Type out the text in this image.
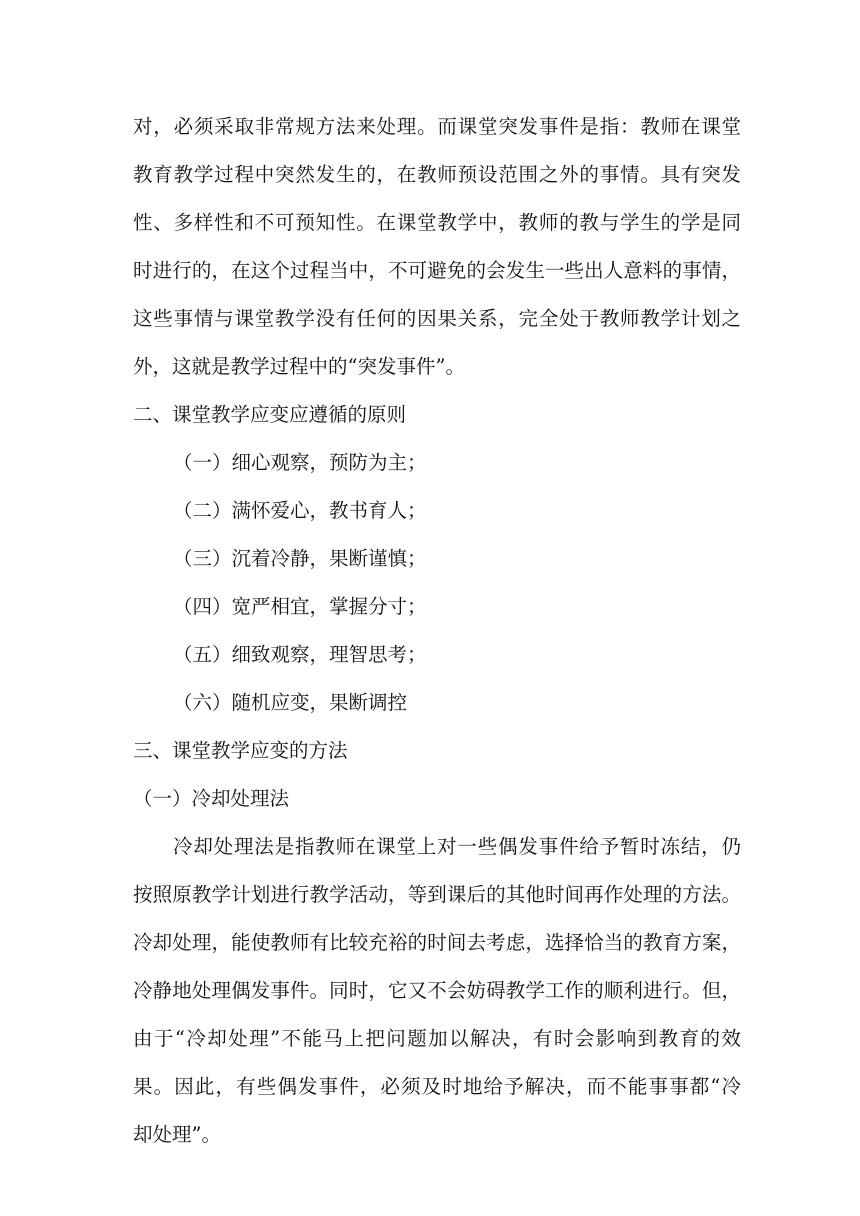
对，必须采取非常规方法来处理。而课堂突发事件是指：教师在课堂
教育教学过程中突然发生的，在教师预设范围之外的事情。具有突发
性、多样性和不可预知性。在课堂教学中，教师的教与学生的学是同
时进行的，在这个过程当中，不可避免的会发生一些出人意料的事情，
这些事情与课堂教学没有任何的因果关系，完全处于教师教学计划之
外，这就是教学过程中的“突发事件”。
二、课堂教学应变应遵循的原则
（一）细心观察，预防为主；
（二）满怀爱心，教书育人；
（三）沉着冷静，果断谨慎；
（四）宽严相宜，掌握分寸；
（五）细致观察，理智思考；
（六）随机应变，果断调控
三、课堂教学应变的方法
（一）冷却处理法
冷却处理法是指教师在课堂上对一些偶发事件给予暂时冻结，仍
按照原教学计划进行教学活动，等到课后的其他时间再作处理的方法。
冷却处理，能使教师有比较充裕的时间去考虑，选择恰当的教育方案，
冷静地处理偶发事件。同时，它又不会妨碍教学工作的顺利进行。但，
由于“冷却处理”不能马上把问题加以解决，有时会影响到教育的效
果。因此，有些偶发事件，必须及时地给予解决，而不能事事都“冷
却处理”。
